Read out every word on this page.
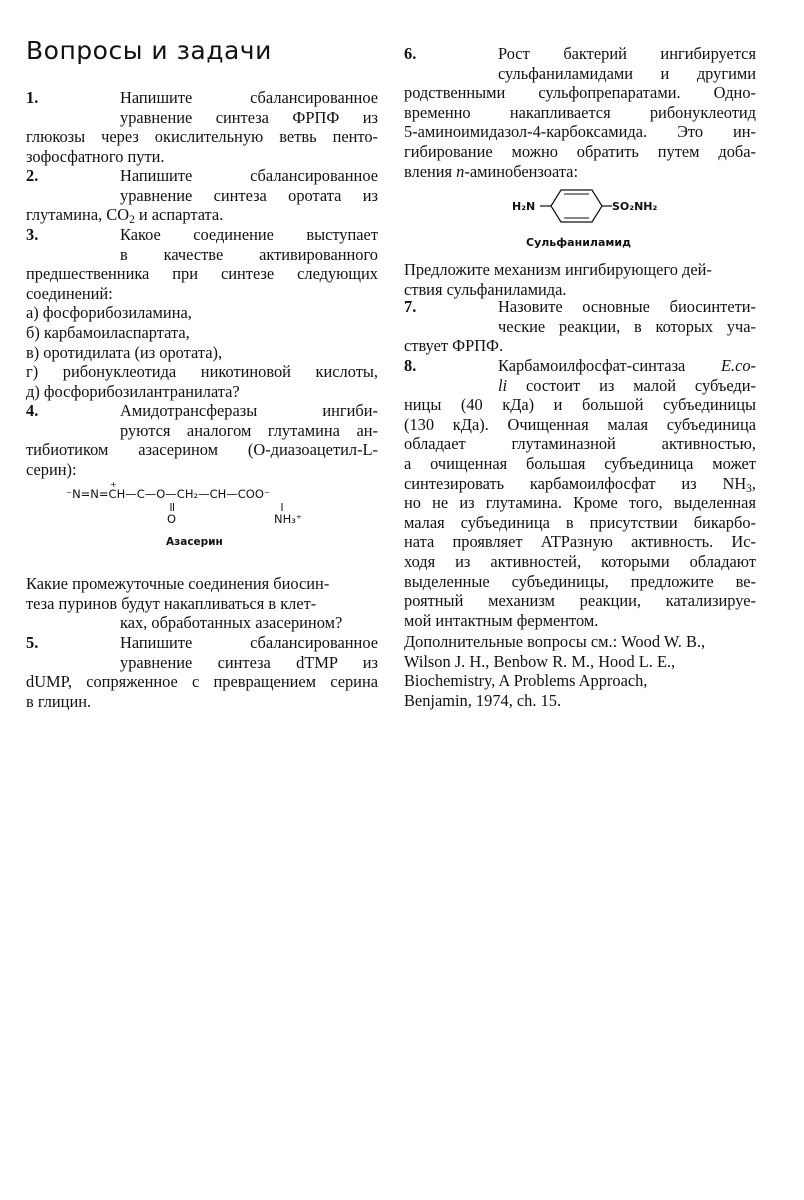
Вопросы и задачи
1.	Напишите сбалансированное
уравнение синтеза ФРПФ из
глюкозы через окислительную ветвь пенто-
зофосфатного пути.
2.	Напишите сбалансированное
уравнение синтеза оротата из
глутамина, $CO_2$ и аспартата.
3.	Какое соединение выступает
в качестве активированного
предшественника при синтезе следующих
соединений:
а) фосфорибозиламина,
б) карбамоиласпартата,
в) оротидилата (из оротата),
г) рибонуклеотида никотиновой кислоты,
д) фосфорибозилантранилата?
4.	Амидотрансферазы ингиби-
руются аналогом глутамина ан-
тибиотиком азасерином (O-диазоацетил-L-
серин):
⁻N=N=CH—C—O—CH₂—CH—COO⁻
+
O	NH₃⁺
Азасерин
Какие промежуточные соединения биосин-
теза пуринов будут накапливаться в клет-
ках, обработанных азасерином?
5.	Напишите сбалансированное
уравнение синтеза dTMP из
dUMP, сопряженное с превращением серина
в глицин.
6.	Рост бактерий ингибируется
сульфаниламидами и другими
родственными сульфопрепаратами. Одно-
временно накапливается рибонуклеотид
5-аминоимидазол-4-карбоксамида. Это ин-
гибирование можно обратить путем доба-
вления n-аминобензоата:
H₂N	SO₂NH₂
Сульфаниламид
Предложите механизм ингибирующего дей-
ствия сульфаниламида.
7.	Назовите основные биосинтети-
ческие реакции, в которых уча-
ствует ФРПФ.
8.	Карбамоилфосфат-синтаза E.co-
li состоит из малой субъеди-
ницы (40 кДа) и большой субъединицы
(130 кДа). Очищенная малая субъединица
обладает глутаминазной активностью,
а очищенная большая субъединица может
синтезировать карбамоилфосфат из $NH_3$,
но не из глутамина. Кроме того, выделенная
малая субъединица в присутствии бикарбо-
ната проявляет ATPазную активность. Ис-
ходя из активностей, которыми обладают
выделенные субъединицы, предложите ве-
роятный механизм реакции, катализируе-
мой интактным ферментом.
Дополнительные вопросы см.: Wood W. B.,
Wilson J. H., Benbow R. M., Hood L. E.,
Biochemistry, A Problems Approach,
Benjamin, 1974, ch. 15.
